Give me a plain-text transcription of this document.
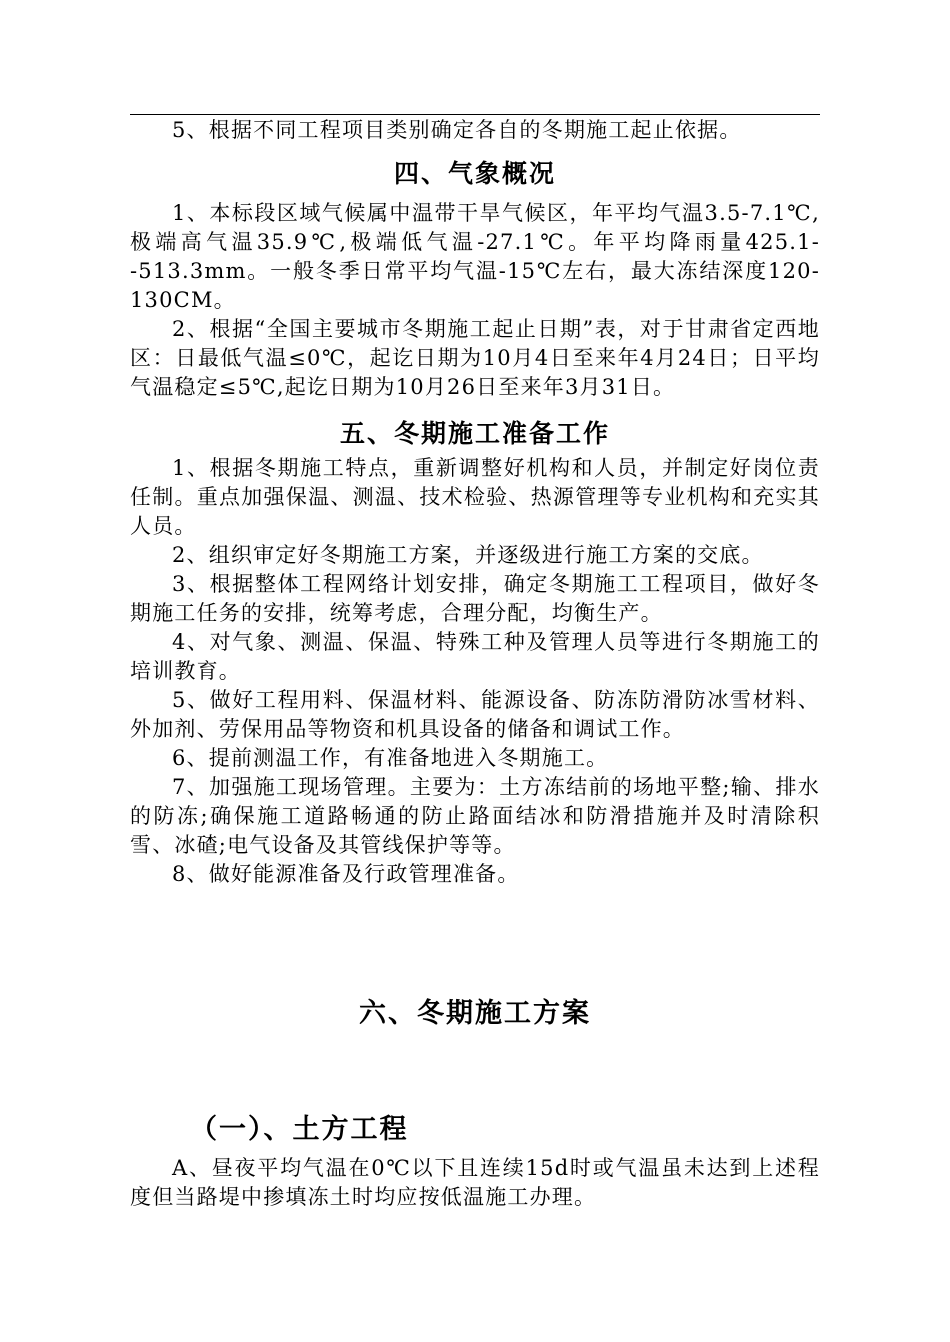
5、根据不同工程项目类别确定各自的冬期施工起止依据。

四、气象概况

1、本标段区域气候属中温带干旱气候区，年平均气温3.5-7.1℃,极端高气温35.9℃,极端低气温-27.1℃。年平均降雨量425.1--513.3mm。一般冬季日常平均气温-15℃左右，最大冻结深度120-130CM。

2、根据“全国主要城市冬期施工起止日期”表，对于甘肃省定西地区：日最低气温≤0℃，起讫日期为10月4日至来年4月24日；日平均气温稳定≤5℃,起讫日期为10月26日至来年3月31日。

五、冬期施工准备工作

1、根据冬期施工特点，重新调整好机构和人员，并制定好岗位责任制。重点加强保温、测温、技术检验、热源管理等专业机构和充实其人员。

2、组织审定好冬期施工方案，并逐级进行施工方案的交底。

3、根据整体工程网络计划安排，确定冬期施工工程项目，做好冬期施工任务的安排，统筹考虑，合理分配，均衡生产。

4、对气象、测温、保温、特殊工种及管理人员等进行冬期施工的培训教育。

5、做好工程用料、保温材料、能源设备、防冻防滑防冰雪材料、外加剂、劳保用品等物资和机具设备的储备和调试工作。

6、提前测温工作，有准备地进入冬期施工。

7、加强施工现场管理。主要为：土方冻结前的场地平整;输、排水的防冻;确保施工道路畅通的防止路面结冰和防滑措施并及时清除积雪、冰碴;电气设备及其管线保护等等。

8、做好能源准备及行政管理准备。

六、冬期施工方案
（一）、土方工程

A、昼夜平均气温在0℃以下且连续15d时或气温虽未达到上述程度但当路堤中掺填冻土时均应按低温施工办理。
